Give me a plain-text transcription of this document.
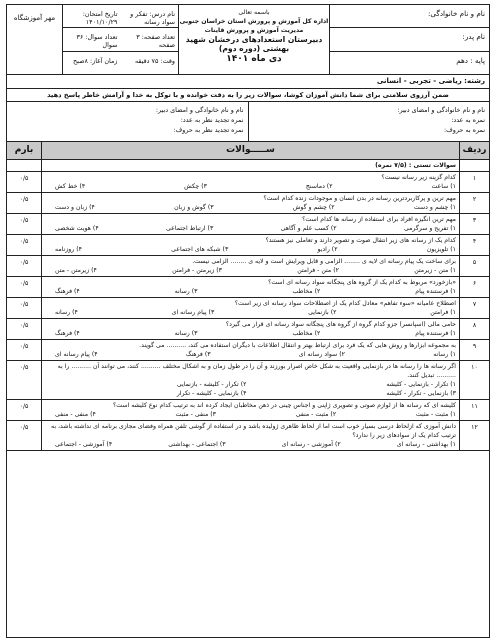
نام و نام خانوادگی:
نام پدر:
پایه : دهم
باسمه تعالی
اداره کل آموزش و پرورش استان خراسان جنوبی
مدیریت آموزش و پرورش قاینات
دبیرستان استعدادهای درخشان شهید بهشتی (دوره دوم)
دی ماه ۱۴۰۱
نام درس: تفکر و سواد رسانه
تعداد صفحه: ۳ صفحه
وقت: ۷۵ دقیقه
تاریخ امتحان: ۱۴۰۱/۱۰/۲۹
تعداد سوال: ۳۶ سوال
زمان آغاز: ۸صبح
مهر آموزشگاه
رشته: ریاضی - تجربی - انسانی
ضمن آرزوی سلامتی برای شما دانش آموزان کوشا، سوالات زیر را به دقت خوانده و با توکل به خدا و آرامش خاطر پاسخ دهید
نام و نام خانوادگی و امضای دبیر:
نمره به عدد:
نمره به حروف:
نام و نام خانوادگی و امضای دبیر:
نمره تجدید نظر به عدد:
نمره تجدید نظر به حروف:
ردیف
ســـــوالات
بارم
سوالات تستی : (۷/۵ نمره)
۱
کدام گزینه زیر رسانه نیست؟
۱) ساعت
۲) دماسنج
۳) چکش
۴) خط کش
۰/۵
۲
مهم ترین و پرکاربردترین رسانه در بدن انسان و موجودات زنده کدام است؟
۱) چشم و دست
۲) چشم و گوش
۳) گوش و زبان
۴) زبان و دست
۰/۵
۳
مهم ترین انگیزه افراد برای استفاده از رسانه ها کدام است؟
۱) تفریح و سرگرمی
۲) کسب علم و آگاهی
۳) ارتباط اجتماعی
۴) هویت شخصی
۰/۵
۴
کدام یک از رسانه های زیر انتقال صوت و تصویر دارند و تعاملی نیز هستند؟
۱) تلویزیون
۲) رادیو
۳) شبکه های اجتماعی
۴) روزنامه
۰/۵
۵
برای ساخت یک پیام رسانه ای لایه ی ........ الزامی و قابل ویرایش است و لایه ی ........ الزامی نیست.
۱) متن - زیرمتن
۲) متن - فرامتن
۳) زیرمتن - فرامتن
۴) زیرمتن - متن
۰/۵
۶
«بازخورد» مربوط به کدام یک از گروه های پنجگانه سواد رسانه ای است؟
۱) فرستنده پیام
۲) مخاطب
۳) رسانه
۴) فرهنگ
۰/۵
۷
اصطلاح عامیانه «سوء تفاهم» معادل کدام یک از اصطلاحات سواد رسانه ای زیر است؟
۱) فرامتن
۲) بازنمایی
۳) پیام رسانه ای
۴) رسانه
۰/۵
۸
حامی مالی (اسپانسر) جزو کدام گروه از گروه های پنجگانه سواد رسانه ای قرار می گیرد؟
۱) فرستنده پیام
۲) مخاطب
۳) رسانه
۴) فرهنگ
۰/۵
۹
به مجموعه ابزارها و روش هایی که یک فرد برای ارتباط بهتر و انتقال اطلاعات با دیگران استفاده می کند، .......... می گویند.
۱) رسانه
۲) سواد رسانه ای
۳) فرهنگ
۴) پیام رسانه ای
۰/۵
۱۰
اگر رسانه ها را رسانه ها در بازنمایی واقعیت به شکل خاص اصرار بورزند و آن را در طول زمان و به اشکال مختلف .......... کنند، می توانند آن .......... را به .......... تبدیل کنند.
۱) تکرار - بازنمایی - کلیشه
۲) تکرار - کلیشه - بازنمایی
۳) بازنمایی - تکرار - کلیشه
۴) بازنمایی - کلیشه - تکرار
۰/۵
۱۱
کلیشه ای که رسانه ها از لوازم صوتی و تصویری ژاپنی و اجناس چینی در ذهن مخاطبان ایجاد کرده اند به ترتیب کدام نوع کلیشه است؟
۱) مثبت - مثبت
۲) مثبت - منفی
۳) منفی - مثبت
۴) منفی - منفی
۰/۵
۱۲
دانش آموزی که ازلحاظ درسی بسیار خوب است اما از لحاظ ظاهری ژولیده باشد و در استفاده از گوشی تلفن همراه وفضای مجازی برنامه ای نداشته باشد، به ترتیب کدام یک از سوادهای زیر را ندارد؟
۱) بهداشتی - رسانه ای
۲) آموزشی - رسانه ای
۳) اجتماعی - بهداشتی
۴) آموزشی - اجتماعی
۰/۵
